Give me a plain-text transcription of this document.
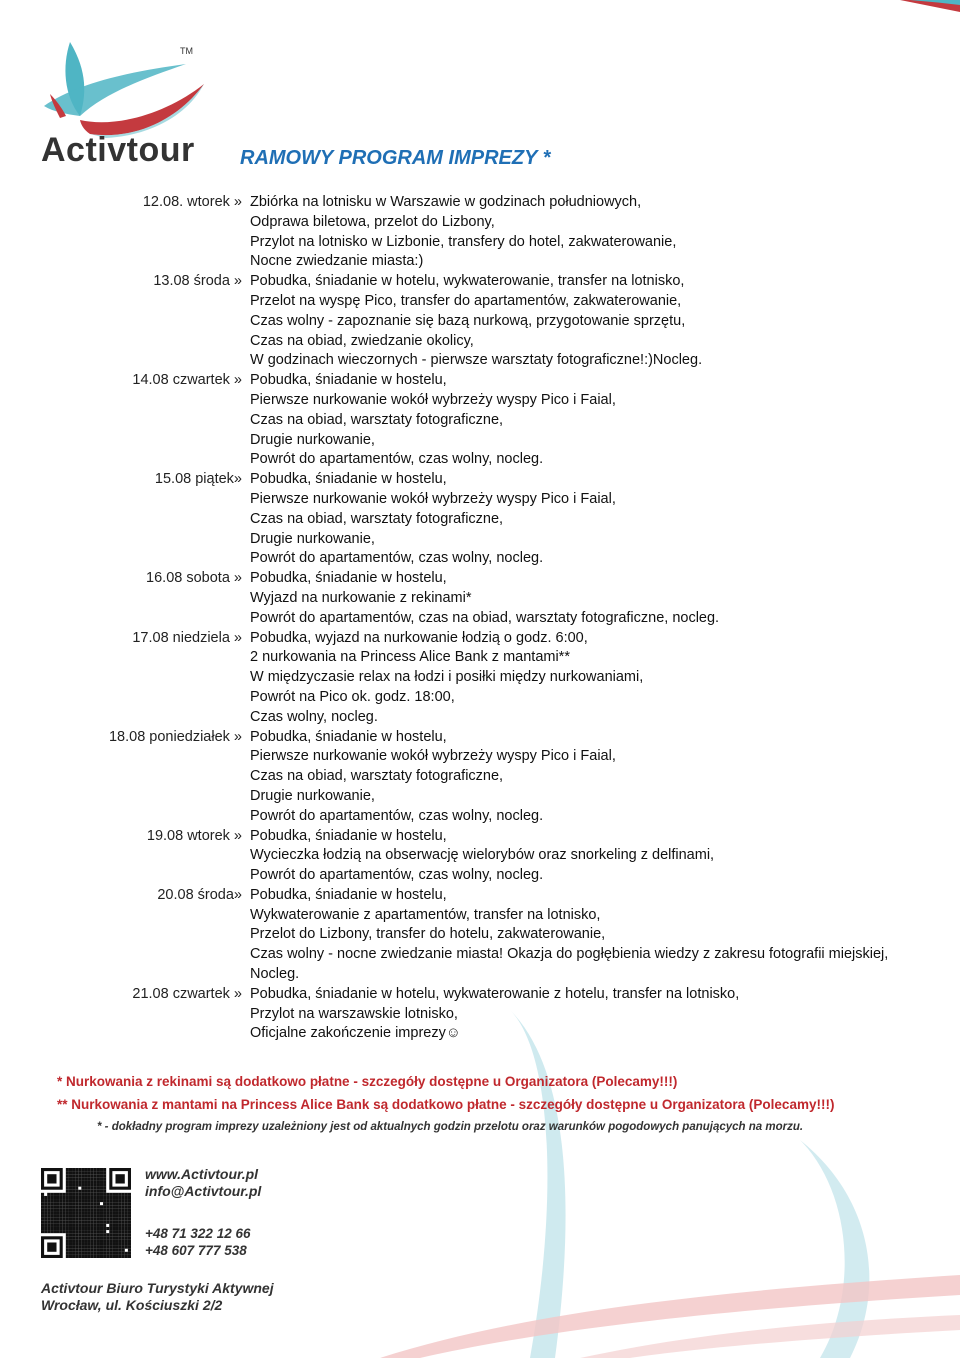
TM
Activtour RAMOWY PROGRAM IMPREZY *
12.08. wtorek » Zbiórka na lotnisku w Warszawie w godzinach południowych,
Odprawa biletowa, przelot do Lizbony,
Przylot na lotnisko w Lizbonie, transfery do hotel, zakwaterowanie,
Nocne zwiedzanie miasta:)
13.08 środa » Pobudka, śniadanie w hotelu, wykwaterowanie, transfer na lotnisko,
Przelot na wyspę Pico, transfer do apartamentów, zakwaterowanie,
Czas wolny - zapoznanie się bazą nurkową, przygotowanie sprzętu,
Czas na obiad, zwiedzanie okolicy,
W godzinach wieczornych - pierwsze warsztaty fotograficzne!:)Nocleg.
14.08 czwartek » Pobudka, śniadanie w hostelu,
Pierwsze nurkowanie wokół wybrzeży wyspy Pico i Faial,
Czas na obiad, warsztaty fotograficzne,
Drugie nurkowanie,
Powrót do apartamentów, czas wolny, nocleg.
15.08 piątek» Pobudka, śniadanie w hostelu,
Pierwsze nurkowanie wokół wybrzeży wyspy Pico i Faial,
Czas na obiad, warsztaty fotograficzne,
Drugie nurkowanie,
Powrót do apartamentów, czas wolny, nocleg.
16.08 sobota » Pobudka, śniadanie w hostelu,
Wyjazd na nurkowanie z rekinami*
Powrót do apartamentów, czas na obiad, warsztaty fotograficzne, nocleg.
17.08 niedziela » Pobudka, wyjazd na nurkowanie łodzią o godz. 6:00,
2 nurkowania na Princess Alice Bank z mantami**
W międzyczasie relax na łodzi i posiłki między nurkowaniami,
Powrót na Pico ok. godz. 18:00,
Czas wolny, nocleg.
18.08 poniedziałek » Pobudka, śniadanie w hostelu,
Pierwsze nurkowanie wokół wybrzeży wyspy Pico i Faial,
Czas na obiad, warsztaty fotograficzne,
Drugie nurkowanie,
Powrót do apartamentów, czas wolny, nocleg.
19.08 wtorek » Pobudka, śniadanie w hostelu,
Wycieczka łodzią na obserwację wielorybów oraz snorkeling z delfinami,
Powrót do apartamentów, czas wolny, nocleg.
20.08 środa» Pobudka, śniadanie w hostelu,
Wykwaterowanie z apartamentów, transfer na lotnisko,
Przelot do Lizbony, transfer do hotelu, zakwaterowanie,
Czas wolny - nocne zwiedzanie miasta! Okazja do pogłębienia wiedzy z zakresu fotografii miejskiej,
Nocleg.
21.08 czwartek » Pobudka, śniadanie w hotelu, wykwaterowanie z hotelu, transfer na lotnisko,
Przylot na warszawskie lotnisko,
Oficjalne zakończenie imprezy☺
* Nurkowania z rekinami są dodatkowo płatne - szczegóły dostępne u Organizatora (Polecamy!!!)
** Nurkowania z mantami na Princess Alice Bank są dodatkowo płatne - szczegóły dostępne u Organizatora (Polecamy!!!)
* - dokładny program imprezy uzależniony jest od aktualnych godzin przelotu oraz warunków pogodowych panujących na morzu.
www.Activtour.pl
info@Activtour.pl
+48 71 322 12 66
+48 607 777 538
Activtour Biuro Turystyki Aktywnej
Wrocław, ul. Kościuszki 2/2
